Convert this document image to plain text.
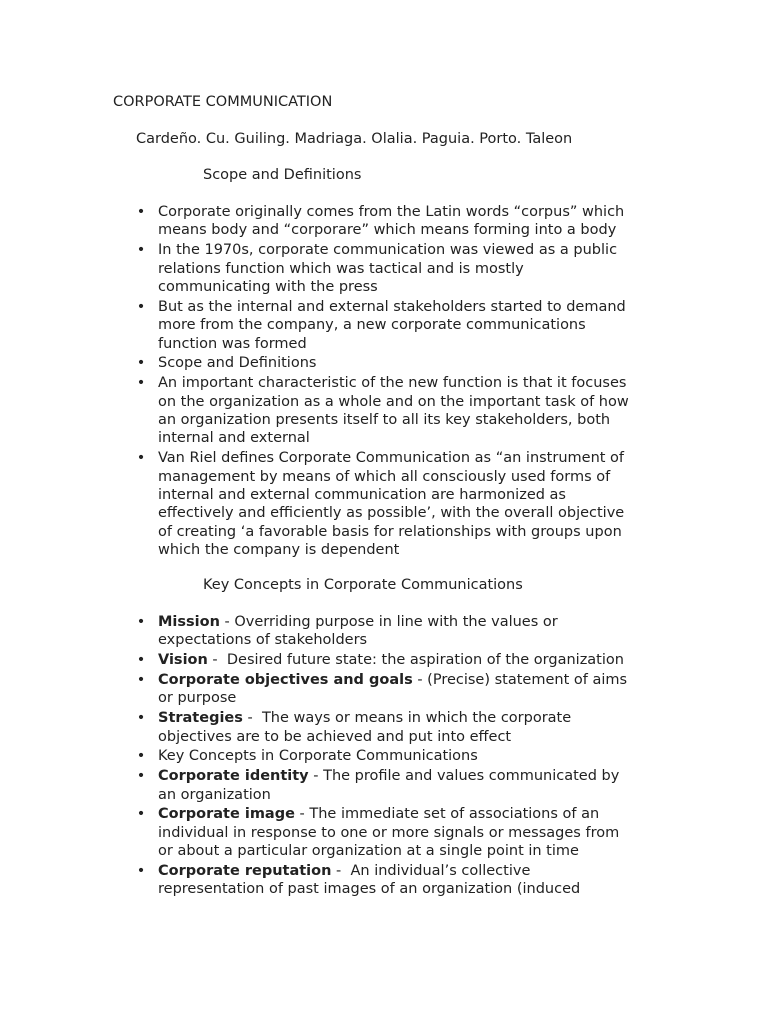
CORPORATE COMMUNICATION
Cardeño. Cu. Guiling. Madriaga. Olalia. Paguia. Porto. Taleon
Scope and Definitions
•
Corporate originally comes from the Latin words “corpus” which
means body and “corporare” which means forming into a body
•
In the 1970s, corporate communication was viewed as a public
relations function which was tactical and is mostly
communicating with the press
•
But as the internal and external stakeholders started to demand
more from the company, a new corporate communications
function was formed
•
Scope and Definitions
•
An important characteristic of the new function is that it focuses
on the organization as a whole and on the important task of how
an organization presents itself to all its key stakeholders, both
internal and external
•
Van Riel defines Corporate Communication as “an instrument of
management by means of which all consciously used forms of
internal and external communication are harmonized as
effectively and efficiently as possible’, with the overall objective
of creating ‘a favorable basis for relationships with groups upon
which the company is dependent
Key Concepts in Corporate Communications
•
Mission - Overriding purpose in line with the values or
expectations of stakeholders
•
Vision -  Desired future state: the aspiration of the organization
•
Corporate objectives and goals - (Precise) statement of aims
or purpose
•
Strategies -  The ways or means in which the corporate
objectives are to be achieved and put into effect
•
Key Concepts in Corporate Communications
•
Corporate identity - The profile and values communicated by
an organization
•
Corporate image - The immediate set of associations of an
individual in response to one or more signals or messages from
or about a particular organization at a single point in time
•
Corporate reputation -  An individual’s collective
representation of past images of an organization (induced
